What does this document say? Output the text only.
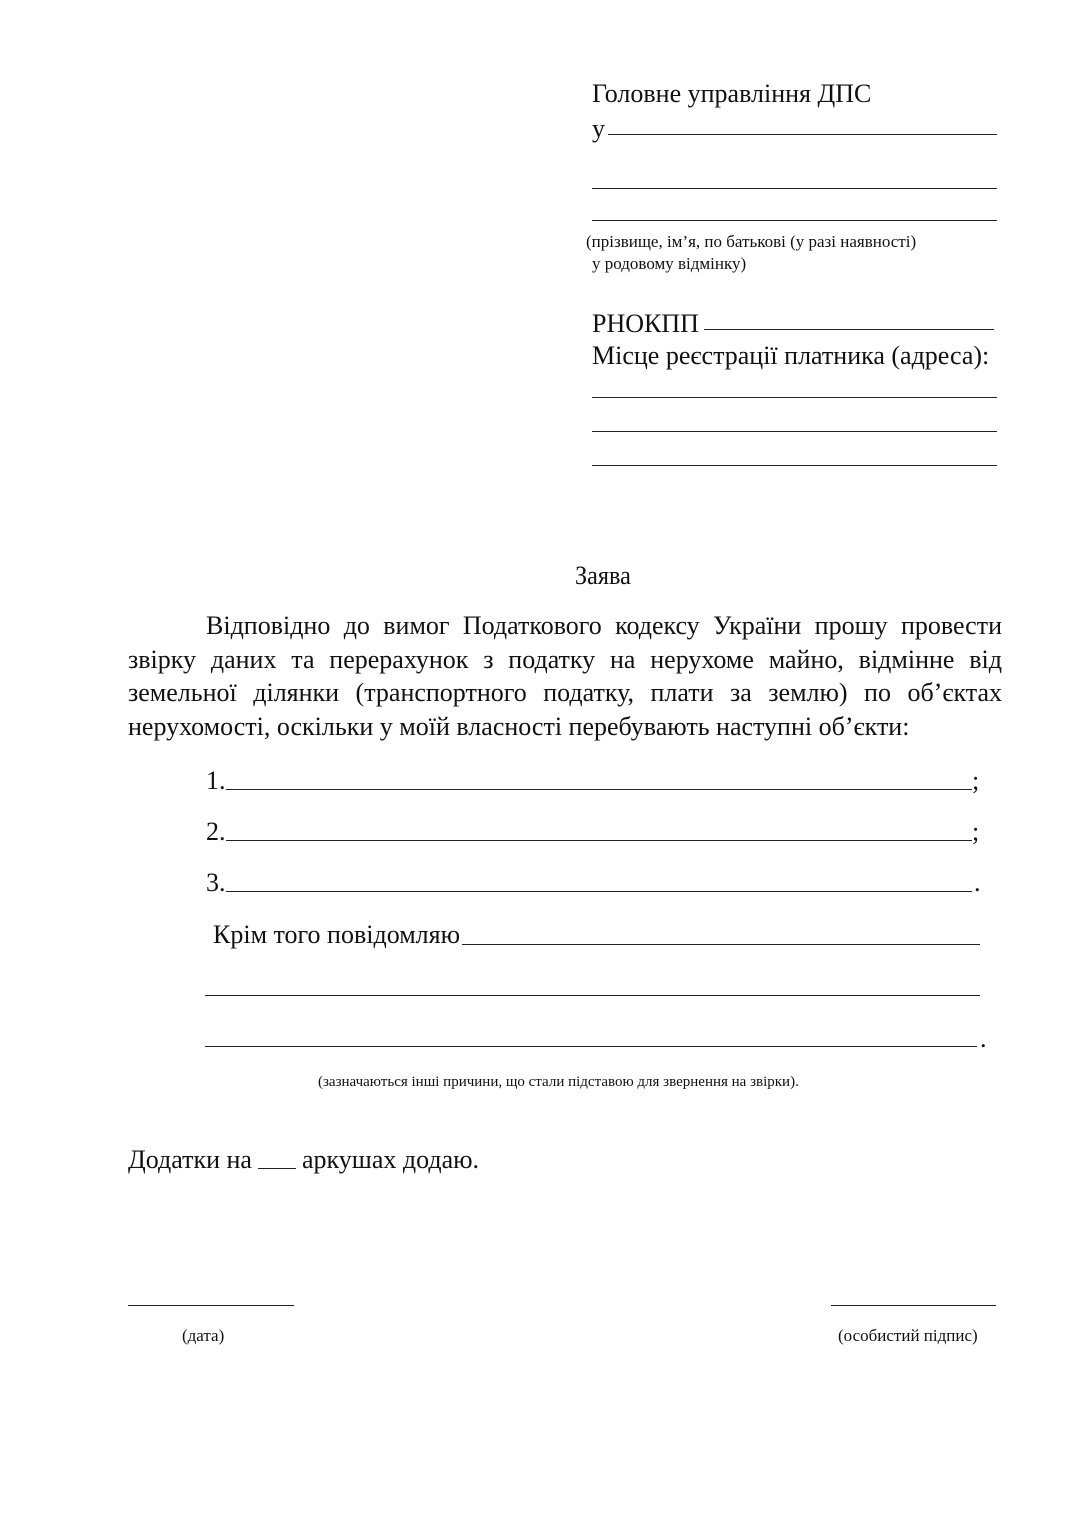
Головне управління ДПС
у
(прізвище, ім’я, по батькові (у разі наявності)
у родовому відмінку)
РНОКПП
Місце реєстрації платника (адреса):
Заява
Відповідно до вимог Податкового кодексу України прошу провести звірку даних та перерахунок з податку на нерухоме майно, відмінне від земельної ділянки (транспортного податку, плати за землю) по об’єктах нерухомості, оскільки у моїй власності перебувають наступні об’єкти:
1.	;
2.	;
3.	.
Крім того повідомляю
.
(зазначаються інші причини, що стали підставою для звернення на звірки).
Додатки на аркушах додаю.
(дата)	(особистий підпис)
